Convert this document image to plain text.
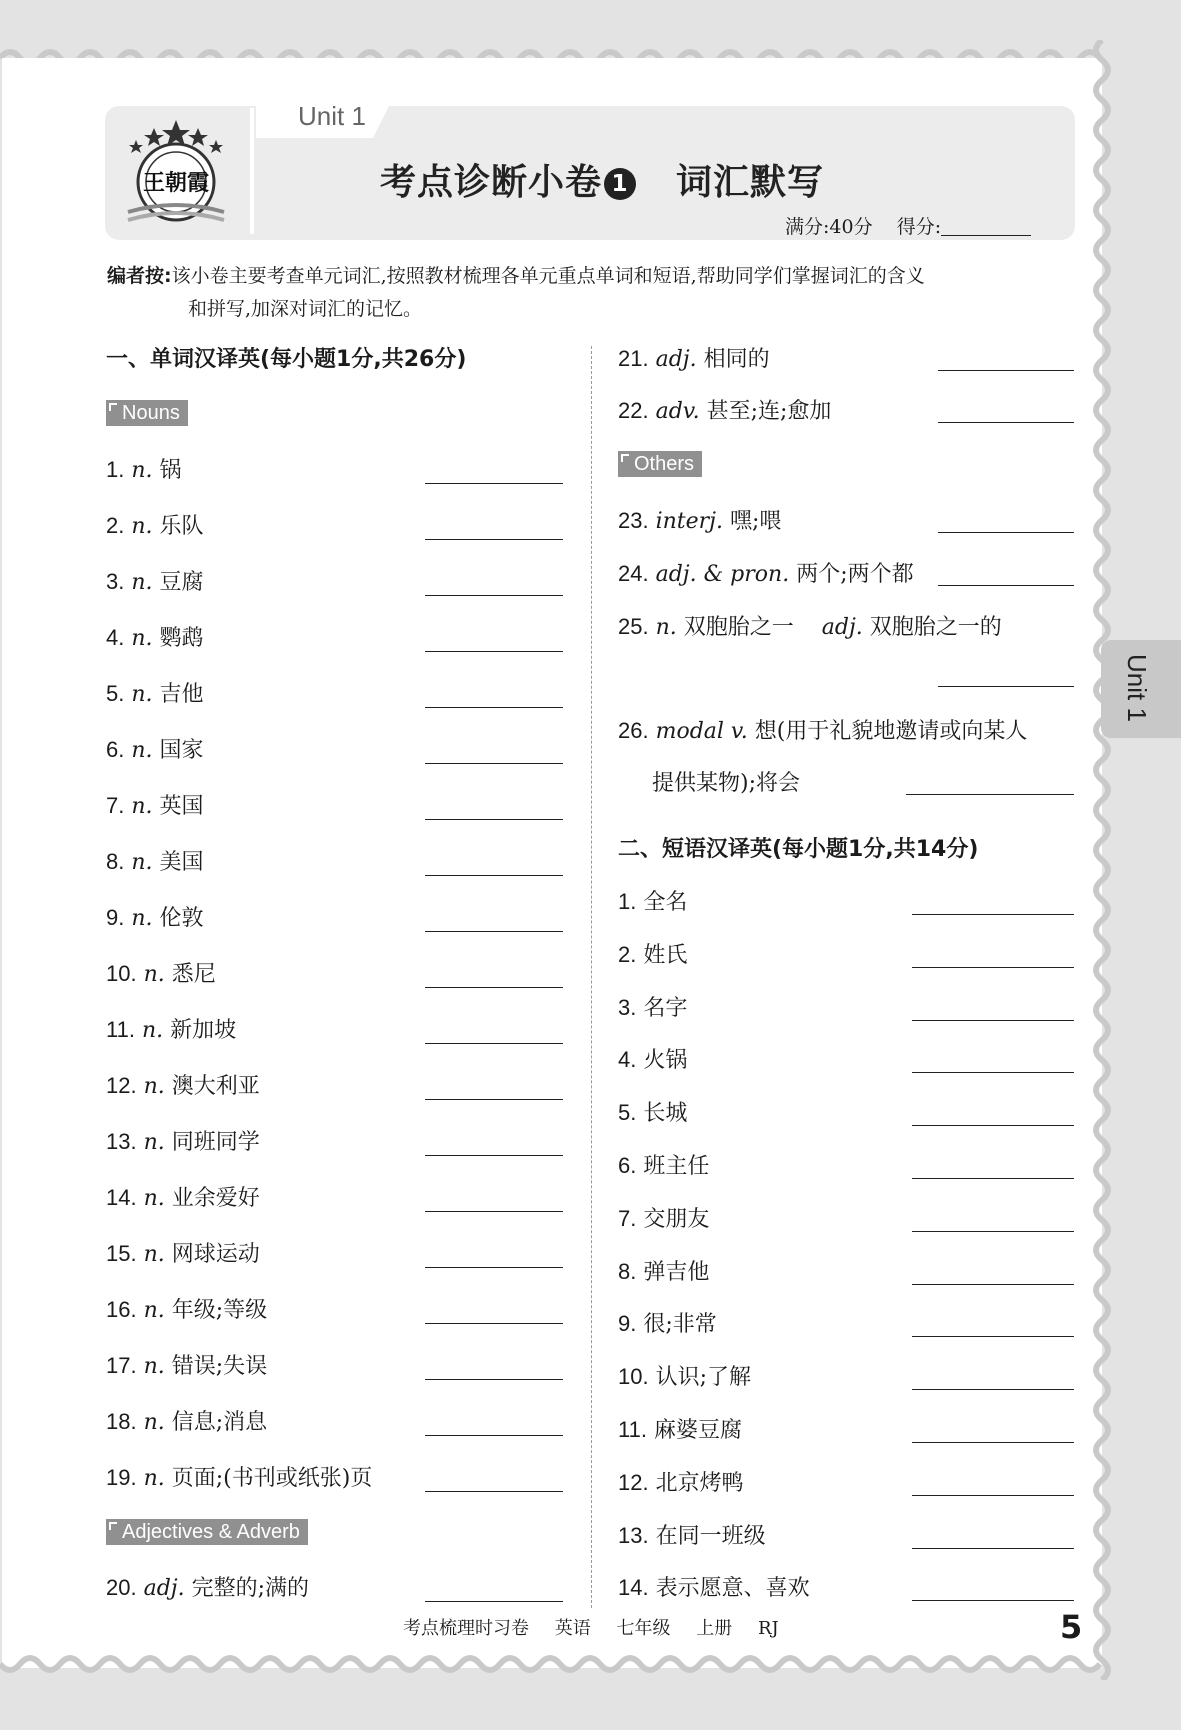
Unit 1
王朝霞	考点诊断小卷 1 词汇默写
满分:40分 得分:
编者按:该小卷主要考查单元词汇,按照教材梳理各单元重点单词和短语,帮助同学们掌握词汇的含义
和拼写,加深对词汇的记忆。
一、单词汉译英(每小题1分,共26分)
Nouns
1. n. 锅
2. n. 乐队
3. n. 豆腐
4. n. 鹦鹉
5. n. 吉他
6. n. 国家
7. n. 英国
8. n. 美国
9. n. 伦敦
10. n. 悉尼
11. n. 新加坡
12. n. 澳大利亚
13. n. 同班同学
14. n. 业余爱好
15. n. 网球运动
16. n. 年级;等级
17. n. 错误;失误
18. n. 信息;消息
19. n. 页面;(书刊或纸张)页
20. adj. 完整的;满的
Adjectives & Adverb
21. adj. 相同的
22. adv. 甚至;连;愈加
23. interj. 嘿;喂
24. adj. & pron. 两个;两个都
25. n. 双胞胎之一 adj. 双胞胎之一的
26. modal v. 想(用于礼貌地邀请或向某人
提供某物);将会
Others
二、短语汉译英(每小题1分,共14分)
1. 全名
2. 姓氏
3. 名字
4. 火锅
5. 长城
6. 班主任
7. 交朋友
8. 弹吉他
9. 很;非常
10. 认识;了解
11. 麻婆豆腐
12. 北京烤鸭
13. 在同一班级
14. 表示愿意、喜欢
Unit 1
考点梳理时习卷 英语 七年级 上册 RJ	5
